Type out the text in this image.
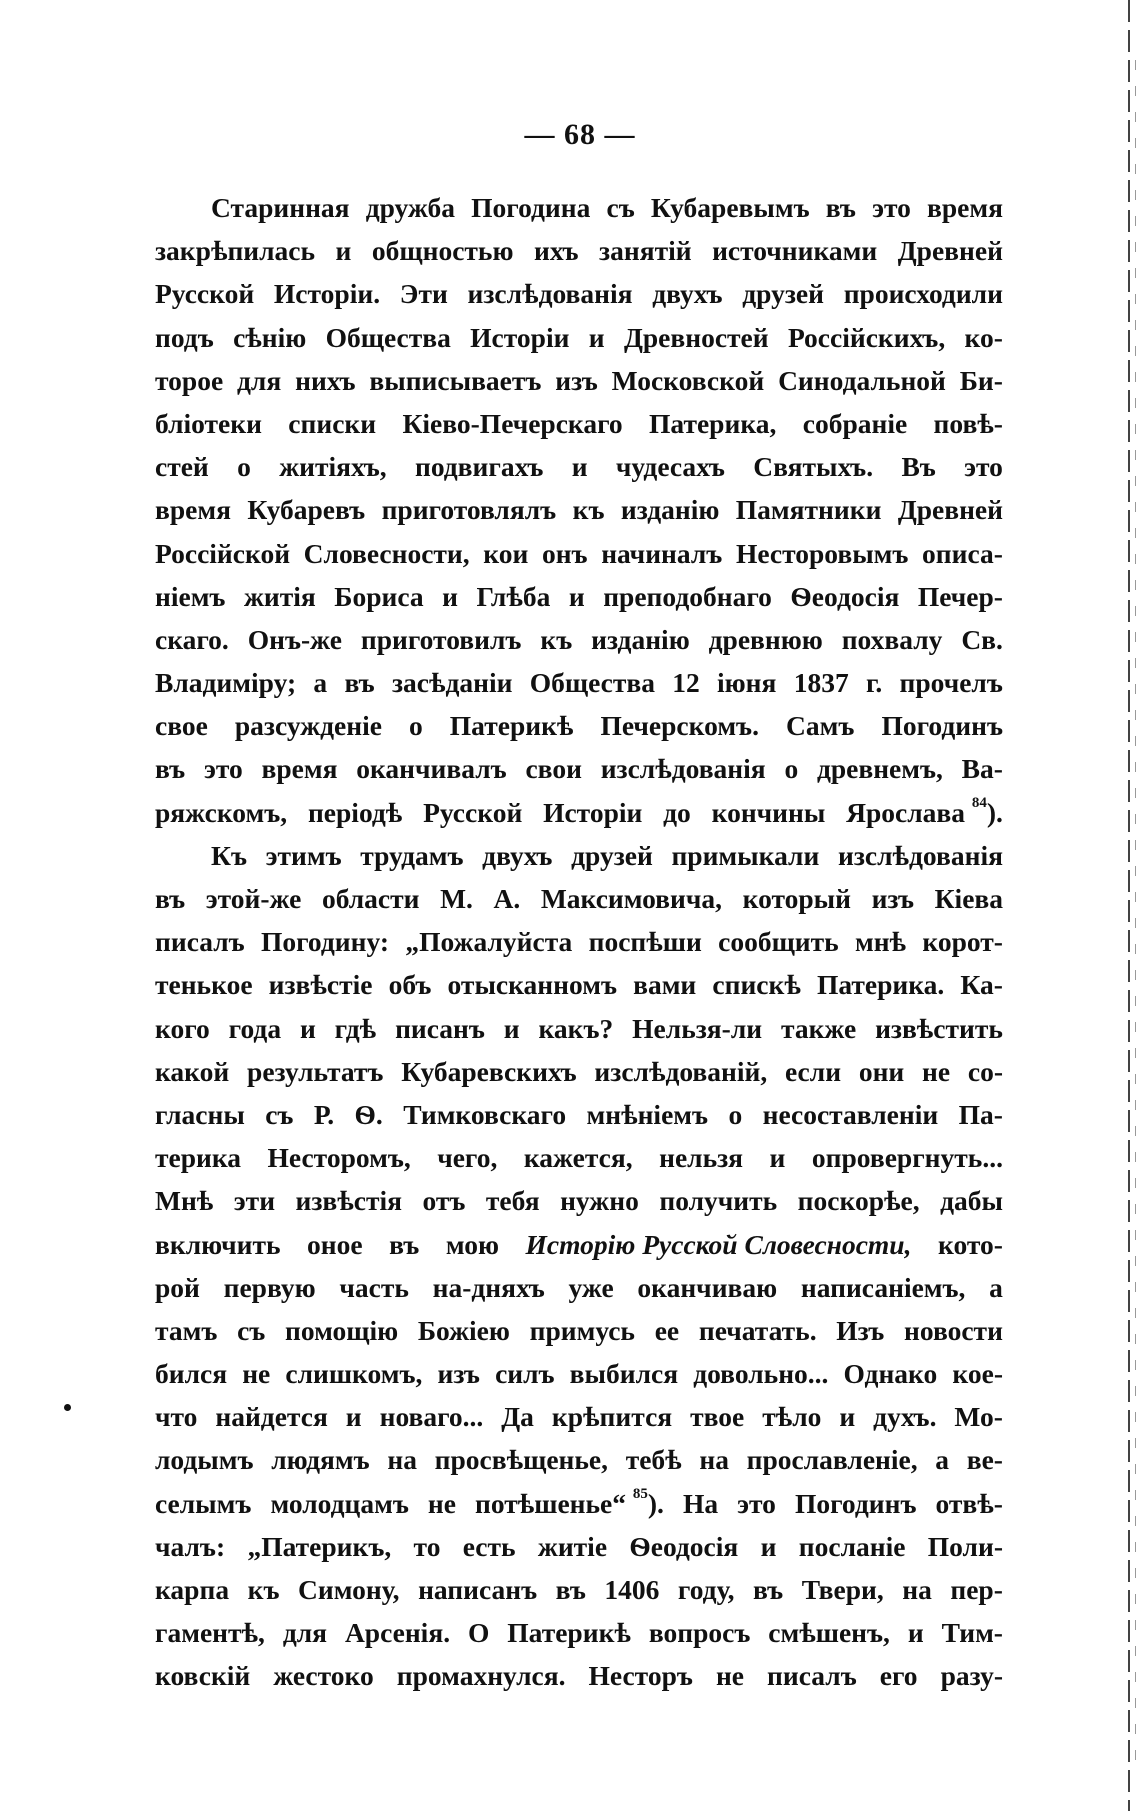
— 68 —
Старинная дружба Погодина съ Кубаревымъ въ это время
закрѣпилась и общностью ихъ занятій источниками Древней
Русской Исторіи. Эти изслѣдованія двухъ друзей происходили
подъ сѣнію Общества Исторіи и Древностей Россійскихъ, ко-
торое для нихъ выписываетъ изъ Московской Синодальной Би-
бліотеки списки Кіево-Печерскаго Патерика, собраніе повѣ-
стей о житіяхъ, подвигахъ и чудесахъ Святыхъ. Въ это
время Кубаревъ приготовлялъ къ изданію Памятники Древней
Россійской Словесности, кои онъ начиналъ Несторовымъ описа-
ніемъ житія Бориса и Глѣба и преподобнаго Ѳеодосія Печер-
скаго. Онъ-же приготовилъ къ изданію древнюю похвалу Св.
Владиміру; а въ засѣданіи Общества 12 іюня 1837 г. прочелъ
свое разсужденіе о Патерикѣ Печерскомъ. Самъ Погодинъ
въ это время оканчивалъ свои изслѣдованія о древнемъ, Ва-
ряжскомъ, періодѣ Русской Исторіи до кончины Ярослава $^{84}$).
Къ этимъ трудамъ двухъ друзей примыкали изслѣдованія
въ этой-же области М. А. Максимовича, который изъ Кіева
писалъ Погодину: „Пожалуйста поспѣши сообщить мнѣ корот-
тенькое извѣстіе объ отысканномъ вами спискѣ Патерика. Ка-
кого года и гдѣ писанъ и какъ? Нельзя-ли также извѣстить
какой результатъ Кубаревскихъ изслѣдованій, если они не со-
гласны съ Р. Ѳ. Тимковскаго мнѣніемъ о несоставленіи Па-
терика Несторомъ, чего, кажется, нельзя и опровергнуть...
Мнѣ эти извѣстія отъ тебя нужно получить поскорѣе, дабы
включить оное въ мою Исторію Русской Словесности, кото-
рой первую часть на-дняхъ уже оканчиваю написаніемъ, а
тамъ съ помощію Божіею примусь ее печатать. Изъ новости
бился не слишкомъ, изъ силъ выбился довольно... Однако кое-
что найдется и новаго... Да крѣпится твое тѣло и духъ. Мо-
лодымъ людямъ на просвѣщенье, тебѣ на прославленіе, а ве-
селымъ молодцамъ не потѣшенье“ $^{85}$). На это Погодинъ отвѣ-
чалъ: „Патерикъ, то есть житіе Ѳеодосія и посланіе Поли-
карпа къ Симону, написанъ въ 1406 году, въ Твери, на пер-
гаментѣ, для Арсенія. О Патерикѣ вопросъ смѣшенъ, и Тим-
ковскій жестоко промахнулся. Несторъ не писалъ его разу-
